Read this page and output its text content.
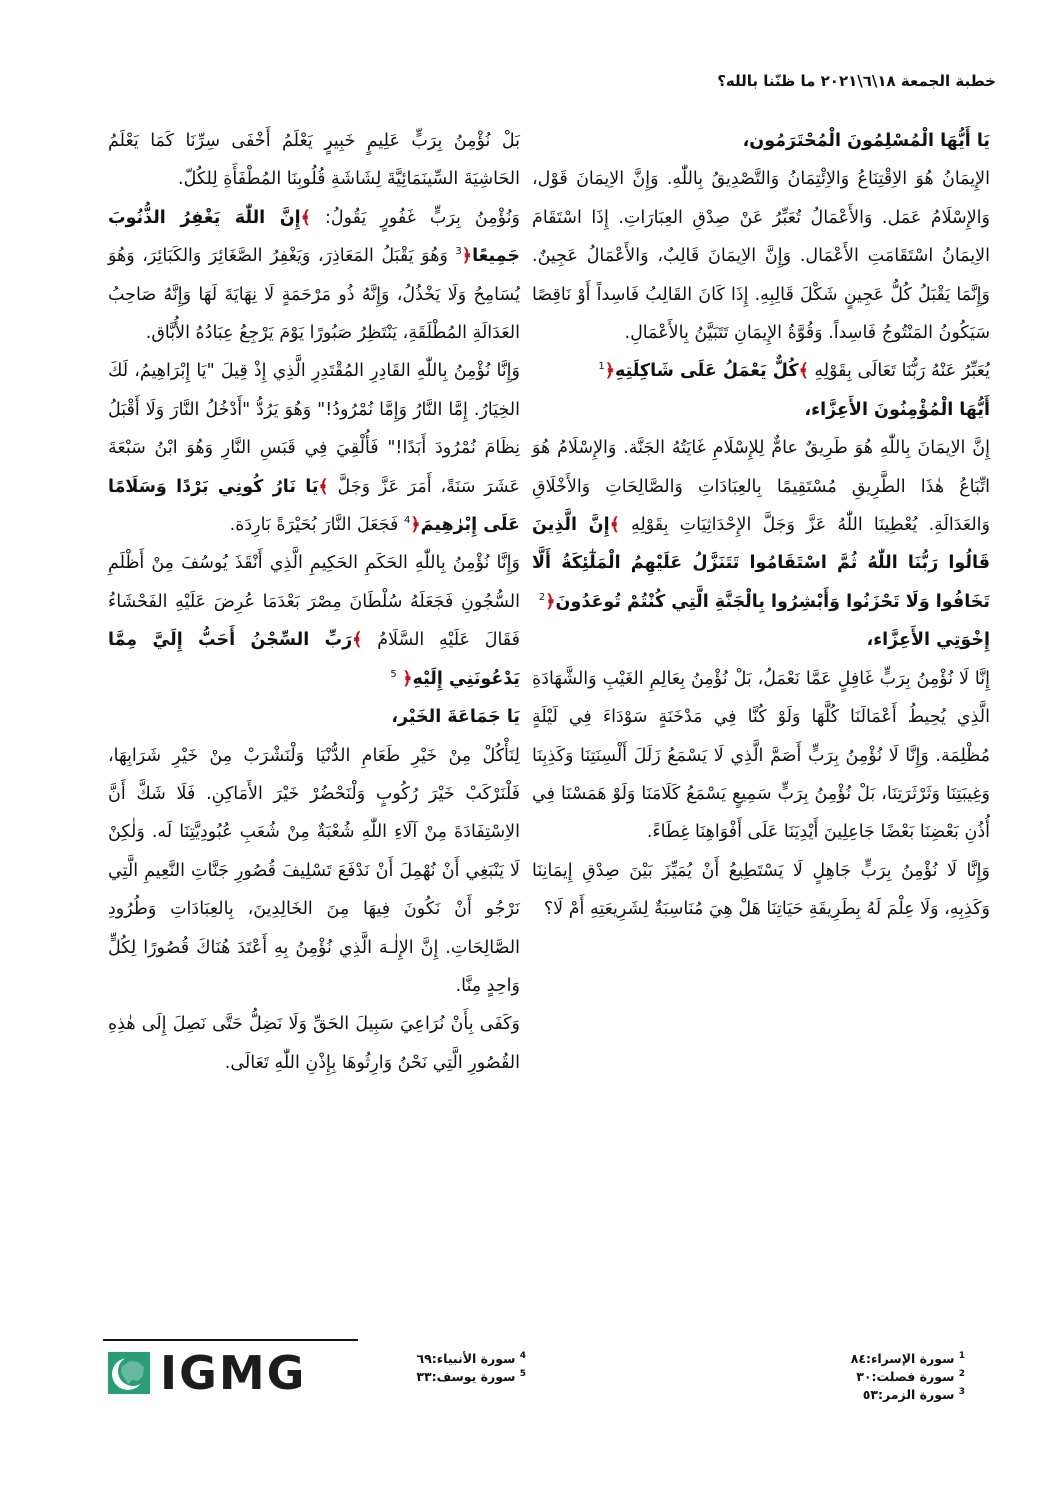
خطبة الجمعة ١٨\٦\٢٠٢١ ما ظنّنا بالله؟

يَا أَيُّهَا الْمُسْلِمُونَ الْمُحْتَرَمُون،

الإِيمَانُ هُوَ الاِقْتِنَاعُ وَالاِئْتِمَانُ وَالتَّصْدِيقُ بِاللّٰهِ. وَإِنَّ الاِيمَانَ قَوْل، وَالإِسْلَامُ عَمَل. وَالأَعْمَالُ تُعَبِّرُ عَنْ صِدْقِ العِبَارَاتِ. إِذَا اسْتَقَامَ الاِيمَانُ اسْتَقَامَتِ الأَعْمَال. وَإِنَّ الاِيمَانَ قَالِبٌ، وَالأَعْمَالُ عَجِينٌ. وَإِنَّمَا يَقْبَلُ كُلُّ عَجِينٍ شَكْلَ قَالِبِهِ. إِذَا كَانَ القَالِبُ فَاسِداً أَوْ نَاقِصًا سَيَكُونُ المَنْتُوجُ فَاسِداً. وَقُوَّةُ الإِيمَانِ تَتَبَيَّنُ بِالأَعْمَالِ.

يُعَبِّرُ عَنْهُ رَبُّنَا تَعَالَى بِقَوْلِهِ ﴾كُلٌّ يَعْمَلُ عَلَى شَاكِلَتِهِ﴿$^1$

أَيُّهَا الْمُؤْمِنُونَ الأَعِزَّاء،

إِنَّ الاِيمَانَ بِاللّٰهِ هُوَ طَرِيقٌ عامٌّ لِلإِسْلَامِ غَايَتُهُ الجَنَّة. وَالإِسْلَامُ هُوَ اتِّبَاعُ هٰذَا الطَّرِيقِ مُسْتَقِيمًا بِالعِبَادَاتِ وَالصَّالِحَاتِ وَالأَخْلَاقِ وَالعَدَالَةِ. يُعْطِينَا اللّٰهُ عَزَّ وَجَلَّ الإِحْدَاثِيَاتِ بِقَوْلِهِ ﴾إِنَّ الَّذِينَ قَالُوا رَبُّنَا اللّٰهُ ثُمَّ اسْتَقَامُوا تَتَنَزَّلُ عَلَيْهِمُ الْمَلٰٓئِكَةُ أَلَّا تَخَافُوا وَلَا تَحْزَنُوا وَأَبْشِرُوا بِالْجَنَّةِ الَّتِي كُنْتُمْ تُوعَدُونَ﴿$^2$

إِخْوَتِي الأَعِزَّاء،

إِنَّا لَا نُؤْمِنُ بِرَبٍّ غَافِلٍ عَمَّا نَعْمَلُ، بَلْ نُؤْمِنُ بِعَالِمِ الغَيْبِ وَالشَّهَادَةِ الَّذِي يُحِيطُ أَعْمَالَنَا كُلَّهَا وَلَوْ كُنَّا فِي مَدْخَنَةٍ سَوْدَاءَ فِي لَيْلَةٍ مُظْلِمَة. وَإِنَّا لَا نُؤْمِنُ بِرَبٍّ أَصَمَّ الَّذِي لَا يَسْمَعُ زَلَلَ أَلْسِنَتِنَا وَكَذِبِنَا وَغِيبَتِنَا وَثَرْثَرَتِنَا، بَلْ نُؤْمِنُ بِرَبٍّ سَمِيعٍ يَسْمَعُ كَلَامَنَا وَلَوْ هَمَسْنَا فِي أُذُنِ بَعْضِنَا بَعْضًا جَاعِلِينَ أَيْدِيَنَا عَلَى أَفْوَاهِنَا غِطَاءً.

وَإِنَّا لَا نُؤْمِنُ بِرَبٍّ جَاهِلٍ لَا يَسْتَطِيعُ أَنْ يُمَيِّزَ بَيْنَ صِدْقِ إِيمَانِنَا وَكَذِبِهِ، وَلَا عِلْمَ لَهُ بِطَرِيقَةِ حَيَاتِنَا هَلْ هِيَ مُنَاسِبَةٌ لِشَرِيعَتِهِ أَمْ لَا؟

بَلْ نُؤْمِنُ بِرَبٍّ عَلِيمٍ خَبِيرٍ يَعْلَمُ أَخْفَى سِرِّنَا كَمَا يَعْلَمُ الحَاشِيَةَ السِّينَمَائِيَّةَ لِشَاشَةِ قُلُوبِنَا المُطْفَأَةِ لِلكُلّ.

وَنُؤْمِنُ بِرَبٍّ غَفُورٍ يَقُولُ: ﴾إِنَّ اللّٰهَ يَغْفِرُ الذُّنُوبَ جَمِيعًا﴿$^3$ وَهُوَ يَقْبَلُ المَعَاذِرَ، وَيَغْفِرُ الصَّغَائِرَ وَالكَبَائِرَ، وَهُوَ يُسَامِحُ وَلَا يَخْذُلُ، وَإِنَّهُ ذُو مَرْحَمَةٍ لَا نِهَايَةَ لَهَا وَإِنَّهُ صَاحِبُ العَدَالَةِ المُطْلَقَةِ، يَنْتَظِرُ صَبُورًا يَوْمَ يَرْجِعُ عِبَادُهُ الأُبَّاق.

وَإِنَّا نُؤْمِنُ بِاللّٰهِ القَادِرِ المُقْتَدِرِ الَّذِي إِذْ قِيلَ "يَا إِبْرَاهِيمُ، لَكَ الخِيَارُ. إِمَّا النَّارُ وَإِمَّا نُمْرُودُ!" وَهُوَ يَرُدُّ "أَدْخُلُ النَّارَ وَلَا أَقْبَلُ نِظَامَ نُمْرُودَ أَبَدًا!" فَأُلْقِيَ فِي قَبَسِ النَّارِ وَهُوَ ابْنُ سَبْعَةَ عَشَرَ سَنَةً، أَمَرَ عَزَّ وَجَلَّ ﴾يَا نَارُ كُونِي بَرْدًا وَسَلَامًا عَلَى إِبْرٰهِيمَ﴿$^4$ فَجَعَلَ النَّارَ بُحَيْرَةً بَارِدَة.

وَإِنَّا نُؤْمِنُ بِاللّٰهِ الحَكَمِ الحَكِيمِ الَّذِي أَنْقَذَ يُوسُفَ مِنْ أَظْلَمِ السُّجُونِ فَجَعَلَهُ سُلْطَانَ مِصْرَ بَعْدَمَا عُرِضَ عَلَيْهِ الفَحْشَاءُ فَقَالَ عَلَيْهِ السَّلَامُ ﴾رَبِّ السِّجْنُ أَحَبُّ إِلَيَّ مِمَّا يَدْعُونَنِي إِلَيْهِ﴿ $^5$

يَا جَمَاعَةَ الخَيْر،

لِنَأْكُلْ مِنْ خَيْرِ طَعَامِ الدُّنْيَا وَلْنَشْرَبْ مِنْ خَيْرِ شَرَابِهَا، فَلْنَرْكَبْ خَيْرَ رُكُوبٍ وَلْنَحْضُرْ خَيْرَ الأَمَاكِنِ. فَلَا شَكَّ أَنَّ الاِسْتِفَادَةَ مِنْ آلَاءِ اللّٰهِ شُعْبَةٌ مِنْ شُعَبِ عُبُودِيَّتِنَا لَه. وَلٰكِنْ لَا يَنْبَغِي أَنْ نُهْمِلَ أَنْ نَدْفَعَ تَسْلِيفَ قُصُورِ جَنَّاتِ النَّعِيمِ الَّتِي نَرْجُو أَنْ نَكُونَ فِيهَا مِنَ الخَالِدِينَ، بِالعِبَادَاتِ وَطُرُودِ الصَّالِحَاتِ. إِنَّ الإِلٰـهَ الَّذِي نُؤْمِنُ بِهِ أَعْتَدَ هُنَاكَ قُصُورًا لِكُلٍّ وَاحِدٍ مِنَّا.

وَكَفَى بِأَنْ نُرَاعِيَ سَبِيلَ الحَقِّ وَلَا نَضِلُّ حَتَّى نَصِلَ إِلَى هٰذِهِ القُصُورِ الَّتِي نَحْنُ وَارِثُوهَا بِإِذْنِ اللّٰهِ تَعَالَى.

IGMG	$^4$ سورة الأنبياء:٦٩
$^5$ سورة يوسف:٣٣
$^1$ سورة الإسراء:٨٤
$^2$ سورة فصلت:٣٠
$^3$ سورة الزمر:٥٣
